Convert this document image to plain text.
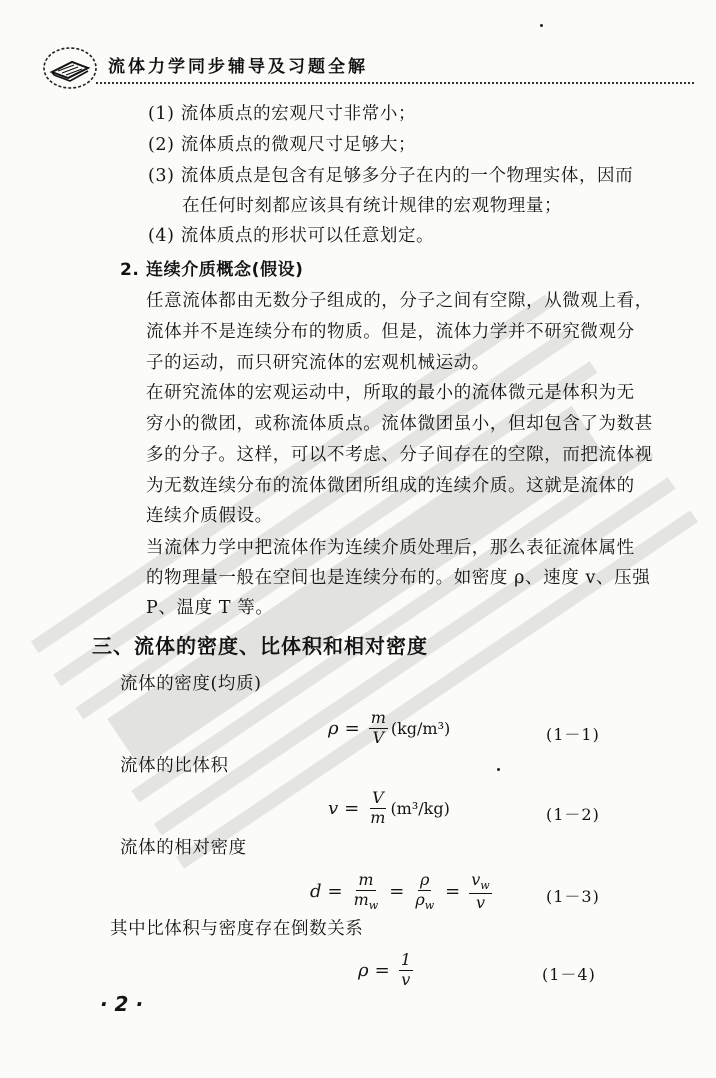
流体力学同步辅导及习题全解
(1) 流体质点的宏观尺寸非常小；
(2) 流体质点的微观尺寸足够大；
(3) 流体质点是包含有足够多分子在内的一个物理实体，因而
在任何时刻都应该具有统计规律的宏观物理量；
(4) 流体质点的形状可以任意划定。
2. 连续介质概念(假设)
任意流体都由无数分子组成的，分子之间有空隙，从微观上看，
流体并不是连续分布的物质。但是，流体力学并不研究微观分
子的运动，而只研究流体的宏观机械运动。
在研究流体的宏观运动中，所取的最小的流体微元是体积为无
穷小的微团，或称流体质点。流体微团虽小，但却包含了为数甚
多的分子。这样，可以不考虑、分子间存在的空隙，而把流体视
为无数连续分布的流体微团所组成的连续介质。这就是流体的
连续介质假设。
当流体力学中把流体作为连续介质处理后，那么表征流体属性
的物理量一般在空间也是连续分布的。如密度 ρ、速度 v、压强
P、温度 T 等。
三、流体的密度、比体积和相对密度
流体的密度(均质)
$\rho = \frac{m}{V} (kg/m^3)$	(1－1)
流体的比体积
$v = \frac{V}{m} (m^3/kg)$	(1－2)
流体的相对密度
$d = \frac{m}{m_w} = \frac{\rho}{\rho_w} = \frac{v_w}{v}$	(1－3)
其中比体积与密度存在倒数关系
$\rho = \frac{1}{v}$	(1－4)
· 2 ·
